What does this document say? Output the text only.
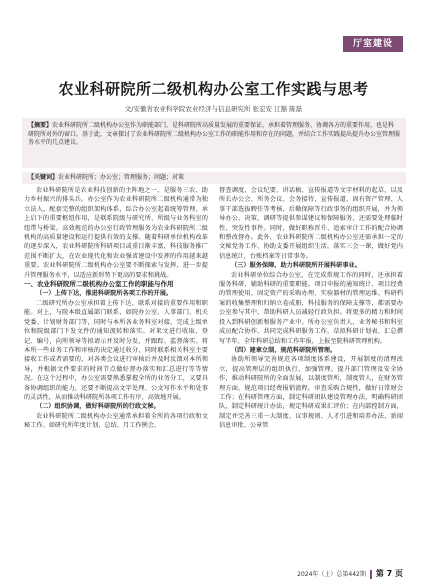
厅室建设
农业科研院所二级机构办公室工作实践与思考
文/安徽省农业科学院农业经济与信息研究所 张宏安 江豁 陈磊
【摘要】农业科研院所二级机构办公室作为职能部门，是科研院所高质量发展的重要保证，承担着管理服务、协调各方的重要作用，也是科研院所对外的窗口。基于此，文章探讨了农业科研院所二级机构办公室工作的职能作用和存在的问题，并结合工作实践提出提升办公室管理服务水平的几点建议。
【关键词】农业科研院所；办公室；管理服务；问题；对策

农业科研院所是农业科技创新的主阵地之一，是服务三农、助力乡村振兴的排头兵。办公室作为农业科研院所二级机构通常为独立法人、配套完整的组织架构体系，综合办公室起着统筹管理、承上启下的重要枢纽作用，是联系院级与研究所、所级与业务科室的纽带与桥梁。高效规范的办公室行政管理服务为农业科研院所二级机构的高质量建设和运行提供有效的支撑。随着科研单位机构改革的逐步深入，农业科研院所科研项目或重目渐丰富，科技服务推广范围不断扩大，在农业现代化和农业强省建设中发挥的作用越来越重要。农业科研院所二级机构办公室要不断探索与发挥，进一步提升管理服务水平，以适应新形势下更高的要求和挑战。

一、农业科研院所二级机构办公室工作的职能与作用

（一）上传下达，推进科研院所各项工作的开展。

二级研究所办公室承担着上传下达、联系对接的重要作用和职能。对上，与院本级直属部门联系，如院办公室、人事部门、机关党委、计划财务部门等，同时与本所各业务科室对接，完成上级单位和院级部门下发文件的通知流转和落实。对来文进行收取、登记、编号，向所领导等拟请示并及时分发，并跟踪、监督落实。将本所一些业务工作和审核的决定通过收分，同时联系相关科室主要接收工作或者需要的，对各类会议进行审核后并及时反馈对本所领导，并根据文件要求的时间节点做好督办落实和汇总进行等等情况。在这个过程中，办公室需要熟悉掌握全所的业务分工，又要具备协调组织的能力，还要不断提高文字处理、公文写作水平和处事的灵活性，从而推动科研院所各项工作有序、高效地开展。

（二）组织协调，做好科研院所的行政文秘。

农业科研院所二级机构办公室通常承担着全所的各项行政和文秘工作。如研究所年度计划、总结、月工作例会、

督查调度、会议纪要、讲话稿、宣传报道等文字材料的起草，以及所长办公会、所务会议、会务接待、宣传报道、固有资产管理、人事干部选拔聘任等考核、后勤保障等行政事务的组织开展，并为领导办公、决策、调研等提供参谋建议和保障服务，还需要处理临时性、突发性事件。同时，做好职称晋升、追索审计工作的配合协调和整改督办。此外，农业科研院所二级机构办公室还需承担一定的文秘党务工作，协助支委开展组织生活，落实三会一课，做好党内信息统计，台账档案等日常事务。

（三）服务保障，助力科研院所开展科研事业。

农业科研单位综合办公室，在完成常规工作的同时，还承担着服务科研、辅助科研的重要职能。项目申报的通知统计、项目经费的管理使用、固定资产的采购办理、实验器材的管理运维、科研档案的收集整理和归纳立卷成册、科技服务的保障支撑等，都需要办公室参与其中，帮助科研人员减轻行政负担。将更多的精力和时间投入到科研创新和服务产业中。所办公室负责人、业务秘书和科室成员配合协作，共同完成科研服务工作，草拟科研计划表、汇总撰写半年、全年科研总结和工作年报，上报至院科研管理机构。

（四）建章立制，规范科研院所管理。

协助所领导完善规范各项制度体系建设，开展制度的清理改立，提高管理层的组织执行，加强管理，提升部门管理及安全协作，推动科研院所的全面发展，以制度管所，制度管人，在财务管理方面，规范项目经费报销流程，审查采购合规性，做好日常财会工作；在科研管理方面，制定科研团队建设管理办法，明确科研团队，制定科研统计办法，规定科研成果汇评价；在内部控制方面，制定并完善三重一大制度、议事规则、人才引进和培养办法、新闻信息审批、公章管

2024年（上）总第442期 第 7 页
